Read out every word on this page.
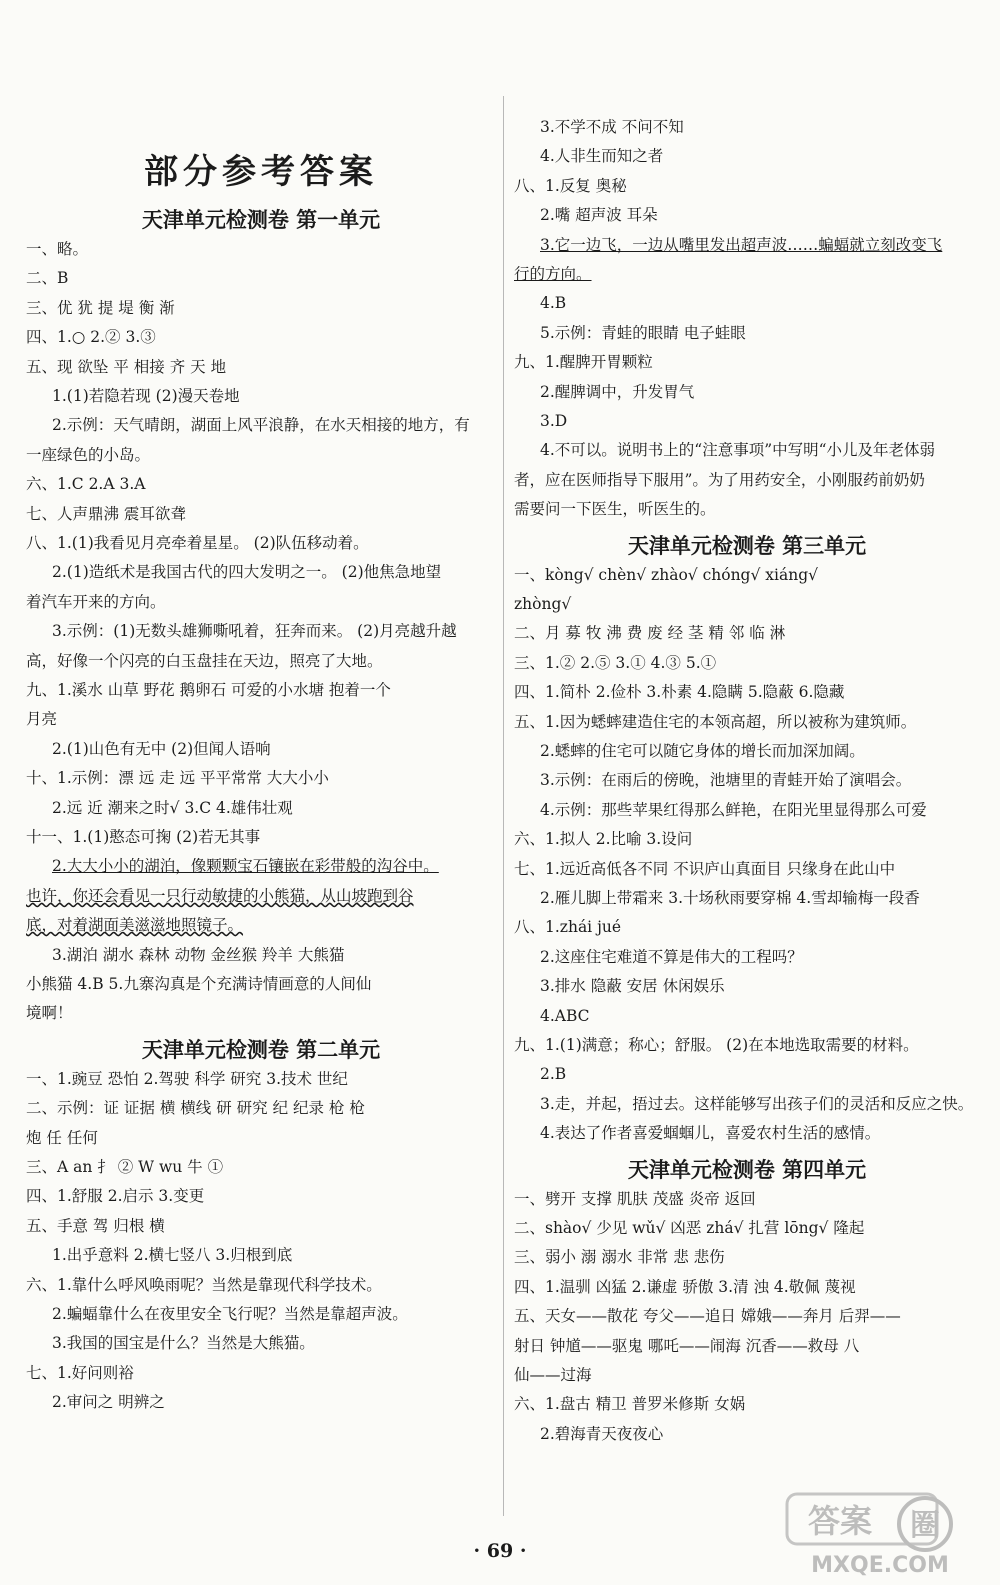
部分参考答案
天津单元检测卷 第一单元
一、略。
二、B
三、优 犹 提 堤 衡 渐
四、1.○ 2.② 3.③
五、现 欲坠 平 相接 齐 天 地
1.(1)若隐若现 (2)漫天卷地
2.示例：天气晴朗，湖面上风平浪静，在水天相接的地方，有
一座绿色的小岛。
六、1.C 2.A 3.A
七、人声鼎沸 震耳欲聋
八、1.(1)我看见月亮牵着星星。 (2)队伍移动着。
2.(1)造纸术是我国古代的四大发明之一。 (2)他焦急地望
着汽车开来的方向。
3.示例：(1)无数头雄狮嘶吼着，狂奔而来。 (2)月亮越升越
高，好像一个闪亮的白玉盘挂在天边，照亮了大地。
九、1.溪水 山草 野花 鹅卵石 可爱的小水塘 抱着一个
月亮
2.(1)山色有无中 (2)但闻人语响
十、1.示例：漂 远 走 远 平平常常 大大小小
2.远 近 潮来之时√ 3.C 4.雄伟壮观
十一、1.(1)憨态可掬 (2)若无其事
2.大大小小的湖泊，像颗颗宝石镶嵌在彩带般的沟谷中。
也许，你还会看见一只行动敏捷的小熊猫，从山坡跑到谷
底，对着湖面美滋滋地照镜子。
3.湖泊 湖水 森林 动物 金丝猴 羚羊 大熊猫
小熊猫 4.B 5.九寨沟真是个充满诗情画意的人间仙
境啊！
天津单元检测卷 第二单元
一、1.豌豆 恐怕 2.驾驶 科学 研究 3.技术 世纪
二、示例：证 证据 横 横线 研 研究 纪 纪录 枪 枪
炮 任 任何
三、A an 扌 ② W wu 牛 ①
四、1.舒服 2.启示 3.变更
五、手意 驾 归根 横
1.出乎意料 2.横七竖八 3.归根到底
六、1.靠什么呼风唤雨呢？当然是靠现代科学技术。
2.蝙蝠靠什么在夜里安全飞行呢？当然是靠超声波。
3.我国的国宝是什么？当然是大熊猫。
七、1.好问则裕
2.审问之 明辨之
3.不学不成 不问不知
4.人非生而知之者
八、1.反复 奥秘
2.嘴 超声波 耳朵
3.它一边飞，一边从嘴里发出超声波……蝙蝠就立刻改变飞
行的方向。
4.B
5.示例：青蛙的眼睛 电子蛙眼
九、1.醒脾开胃颗粒
2.醒脾调中，升发胃气
3.D
4.不可以。说明书上的“注意事项”中写明“小儿及年老体弱
者，应在医师指导下服用”。为了用药安全，小刚服药前奶奶
需要问一下医生，听医生的。
天津单元检测卷 第三单元
一、kòng√ chèn√ zhào√ chóng√ xiáng√
zhòng√
二、月 募 牧 沸 费 废 经 茎 精 邻 临 淋
三、1.② 2.⑤ 3.① 4.③ 5.①
四、1.简朴 2.俭朴 3.朴素 4.隐瞒 5.隐蔽 6.隐藏
五、1.因为蟋蟀建造住宅的本领高超，所以被称为建筑师。
2.蟋蟀的住宅可以随它身体的增长而加深加阔。
3.示例：在雨后的傍晚，池塘里的青蛙开始了演唱会。
4.示例：那些苹果红得那么鲜艳，在阳光里显得那么可爱
六、1.拟人 2.比喻 3.设问
七、1.远近高低各不同 不识庐山真面目 只缘身在此山中
2.雁儿脚上带霜来 3.十场秋雨要穿棉 4.雪却输梅一段香
八、1.zhái jué
2.这座住宅难道不算是伟大的工程吗？
3.排水 隐蔽 安居 休闲娱乐
4.ABC
九、1.(1)满意；称心；舒服。 (2)在本地选取需要的材料。
2.B
3.走，并起，捂过去。这样能够写出孩子们的灵活和反应之快。
4.表达了作者喜爱蝈蝈儿，喜爱农村生活的感情。
天津单元检测卷 第四单元
一、劈开 支撑 肌肤 茂盛 炎帝 返回
二、shào√ 少见 wǔ√ 凶恶 zhá√ 扎营 lōng√ 隆起
三、弱小 溺 溺水 非常 悲 悲伤
四、1.温驯 凶猛 2.谦虚 骄傲 3.清 浊 4.敬佩 蔑视
五、天女——散花 夸父——追日 嫦娥——奔月 后羿——
射日 钟馗——驱鬼 哪吒——闹海 沉香——救母 八
仙——过海
六、1.盘古 精卫 普罗米修斯 女娲
2.碧海青天夜夜心
· 69 ·
答案 圈
MXQE.COM
